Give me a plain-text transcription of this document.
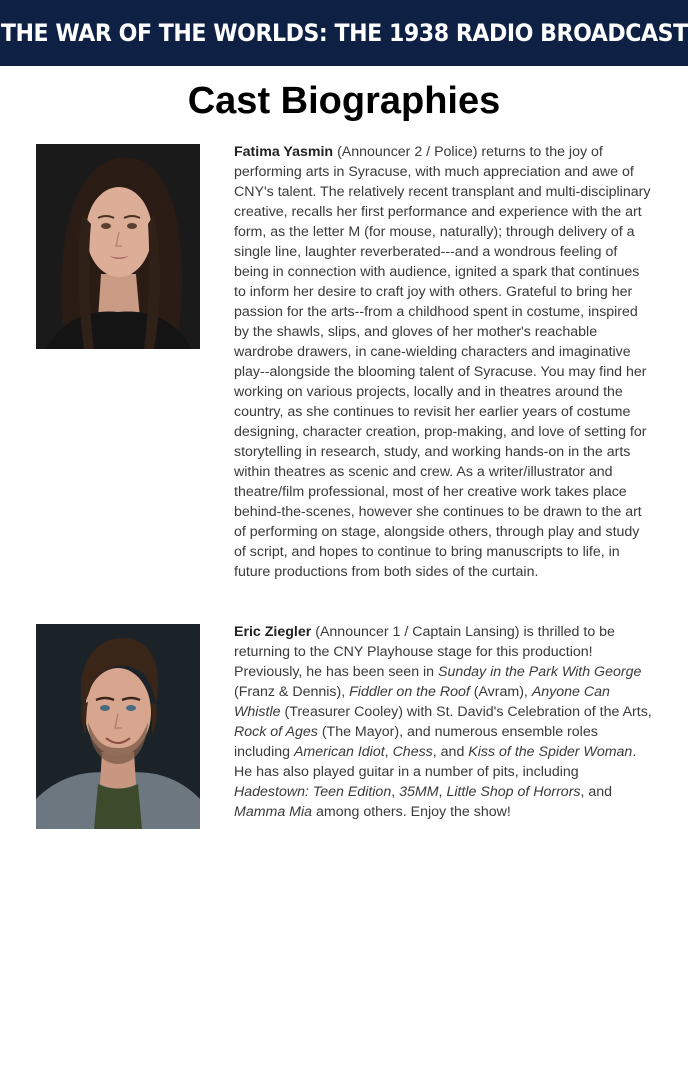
THE WAR OF THE WORLDS: THE 1938 RADIO BROADCAST
Cast Biographies

Fatima Yasmin (Announcer 2 / Police) returns to the joy of performing arts in Syracuse, with much appreciation and awe of CNY's talent. The relatively recent transplant and multi-disciplinary creative, recalls her first performance and experience with the art form, as the letter M (for mouse, naturally); through delivery of a single line, laughter reverberated---and a wondrous feeling of being in connection with audience, ignited a spark that continues to inform her desire to craft joy with others. Grateful to bring her passion for the arts--from a childhood spent in costume, inspired by the shawls, slips, and gloves of her mother's reachable wardrobe drawers, in cane-wielding characters and imaginative play--alongside the blooming talent of Syracuse. You may find her working on various projects, locally and in theatres around the country, as she continues to revisit her earlier years of costume designing, character creation, prop-making, and love of setting for storytelling in research, study, and working hands-on in the arts within theatres as scenic and crew. As a writer/illustrator and theatre/film professional, most of her creative work takes place behind-the-scenes, however she continues to be drawn to the art of performing on stage, alongside others, through play and study of script, and hopes to continue to bring manuscripts to life, in future productions from both sides of the curtain.

Eric Ziegler (Announcer 1 / Captain Lansing) is thrilled to be returning to the CNY Playhouse stage for this production! Previously, he has been seen in Sunday in the Park With George (Franz & Dennis), Fiddler on the Roof (Avram), Anyone Can Whistle (Treasurer Cooley) with St. David's Celebration of the Arts, Rock of Ages (The Mayor), and numerous ensemble roles including American Idiot, Chess, and Kiss of the Spider Woman. He has also played guitar in a number of pits, including Hadestown: Teen Edition, 35MM, Little Shop of Horrors, and Mamma Mia among others. Enjoy the show!
